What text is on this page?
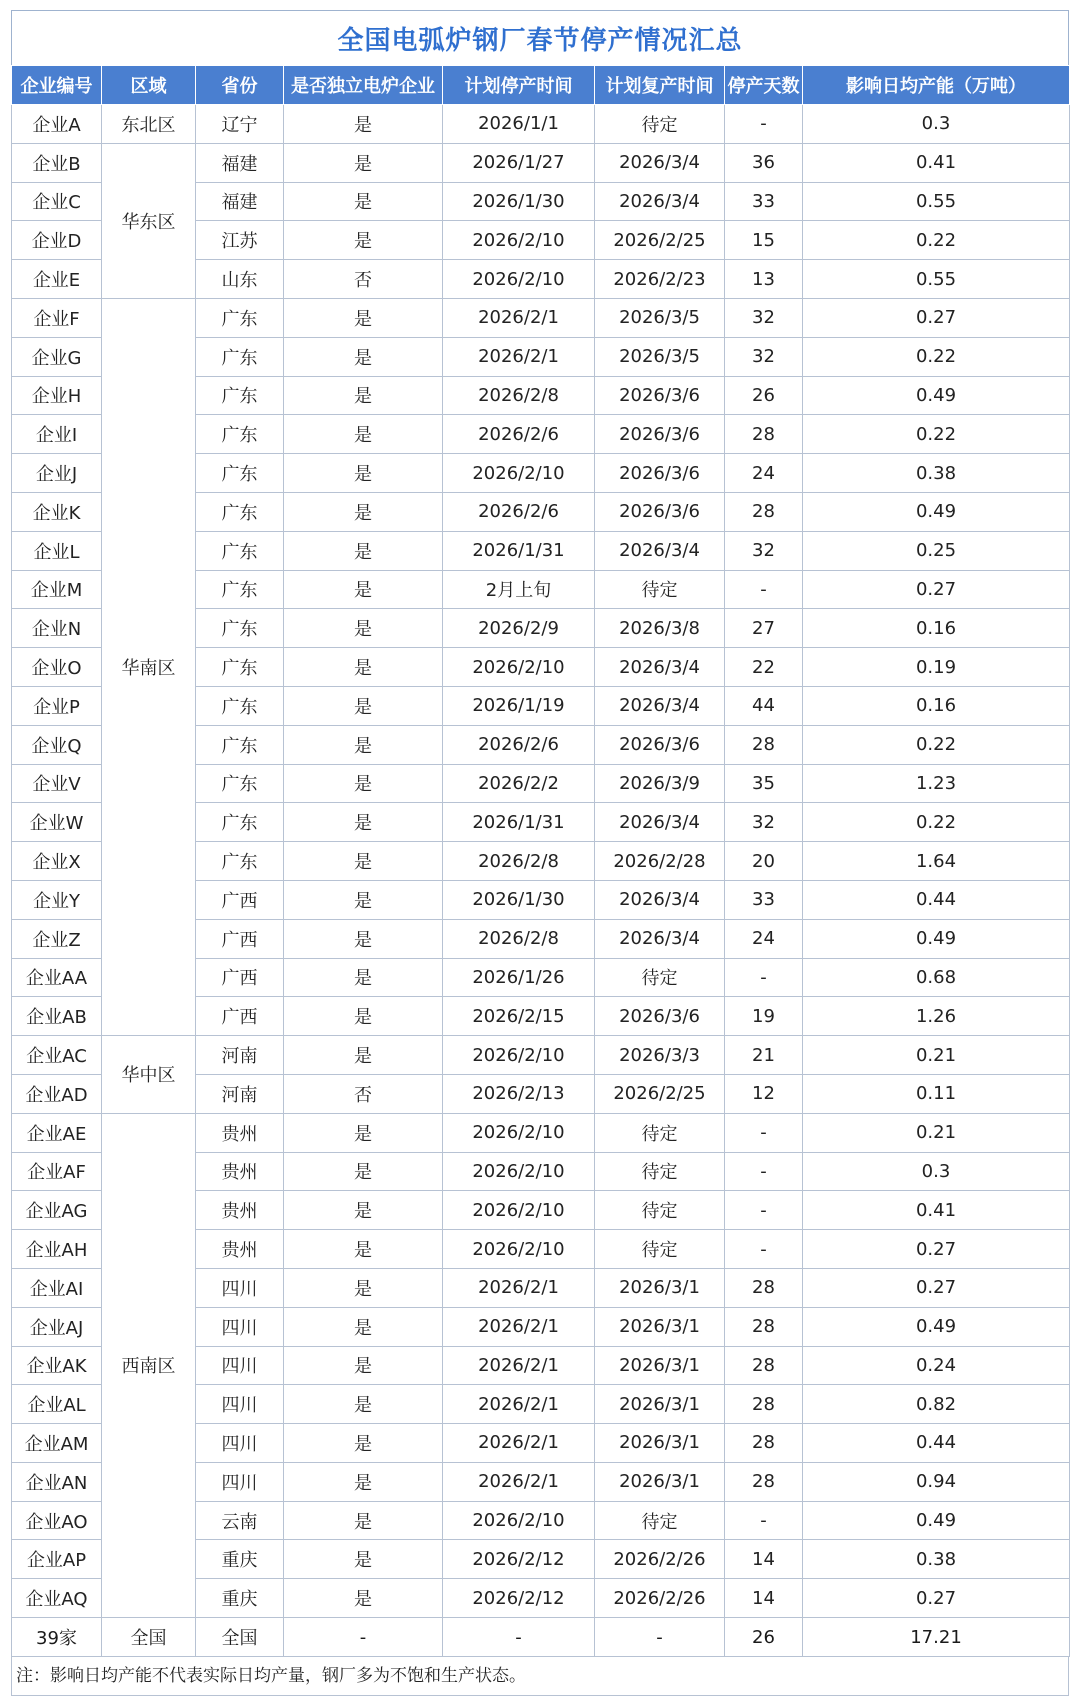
全国电弧炉钢厂春节停产情况汇总
企业编号	区域	省份	是否独立电炉企业	计划停产时间	计划复产时间	停产天数	影响日均产能（万吨）
企业A	东北区	辽宁	是	2026/1/1	待定	-	0.3
企业B	华东区	福建	是	2026/1/27	2026/3/4	36	0.41
企业C		福建	是	2026/1/30	2026/3/4	33	0.55
企业D		江苏	是	2026/2/10	2026/2/25	15	0.22
企业E		山东	否	2026/2/10	2026/2/23	13	0.55
企业F	华南区	广东	是	2026/2/1	2026/3/5	32	0.27
企业G		广东	是	2026/2/1	2026/3/5	32	0.22
企业H		广东	是	2026/2/8	2026/3/6	26	0.49
企业I		广东	是	2026/2/6	2026/3/6	28	0.22
企业J		广东	是	2026/2/10	2026/3/6	24	0.38
企业K		广东	是	2026/2/6	2026/3/6	28	0.49
企业L		广东	是	2026/1/31	2026/3/4	32	0.25
企业M		广东	是	2月上旬	待定	-	0.27
企业N		广东	是	2026/2/9	2026/3/8	27	0.16
企业O		广东	是	2026/2/10	2026/3/4	22	0.19
企业P		广东	是	2026/1/19	2026/3/4	44	0.16
企业Q		广东	是	2026/2/6	2026/3/6	28	0.22
企业V		广东	是	2026/2/2	2026/3/9	35	1.23
企业W		广东	是	2026/1/31	2026/3/4	32	0.22
企业X		广东	是	2026/2/8	2026/2/28	20	1.64
企业Y		广西	是	2026/1/30	2026/3/4	33	0.44
企业Z		广西	是	2026/2/8	2026/3/4	24	0.49
企业AA		广西	是	2026/1/26	待定	-	0.68
企业AB		广西	是	2026/2/15	2026/3/6	19	1.26
企业AC	华中区	河南	是	2026/2/10	2026/3/3	21	0.21
企业AD		河南	否	2026/2/13	2026/2/25	12	0.11
企业AE	西南区	贵州	是	2026/2/10	待定	-	0.21
企业AF		贵州	是	2026/2/10	待定	-	0.3
企业AG		贵州	是	2026/2/10	待定	-	0.41
企业AH		贵州	是	2026/2/10	待定	-	0.27
企业AI		四川	是	2026/2/1	2026/3/1	28	0.27
企业AJ		四川	是	2026/2/1	2026/3/1	28	0.49
企业AK		四川	是	2026/2/1	2026/3/1	28	0.24
企业AL		四川	是	2026/2/1	2026/3/1	28	0.82
企业AM		四川	是	2026/2/1	2026/3/1	28	0.44
企业AN		四川	是	2026/2/1	2026/3/1	28	0.94
企业AO		云南	是	2026/2/10	待定	-	0.49
企业AP		重庆	是	2026/2/12	2026/2/26	14	0.38
企业AQ		重庆	是	2026/2/12	2026/2/26	14	0.27
39家	全国	全国	-	-	-	26	17.21
注：影响日均产能不代表实际日均产量，钢厂多为不饱和生产状态。
